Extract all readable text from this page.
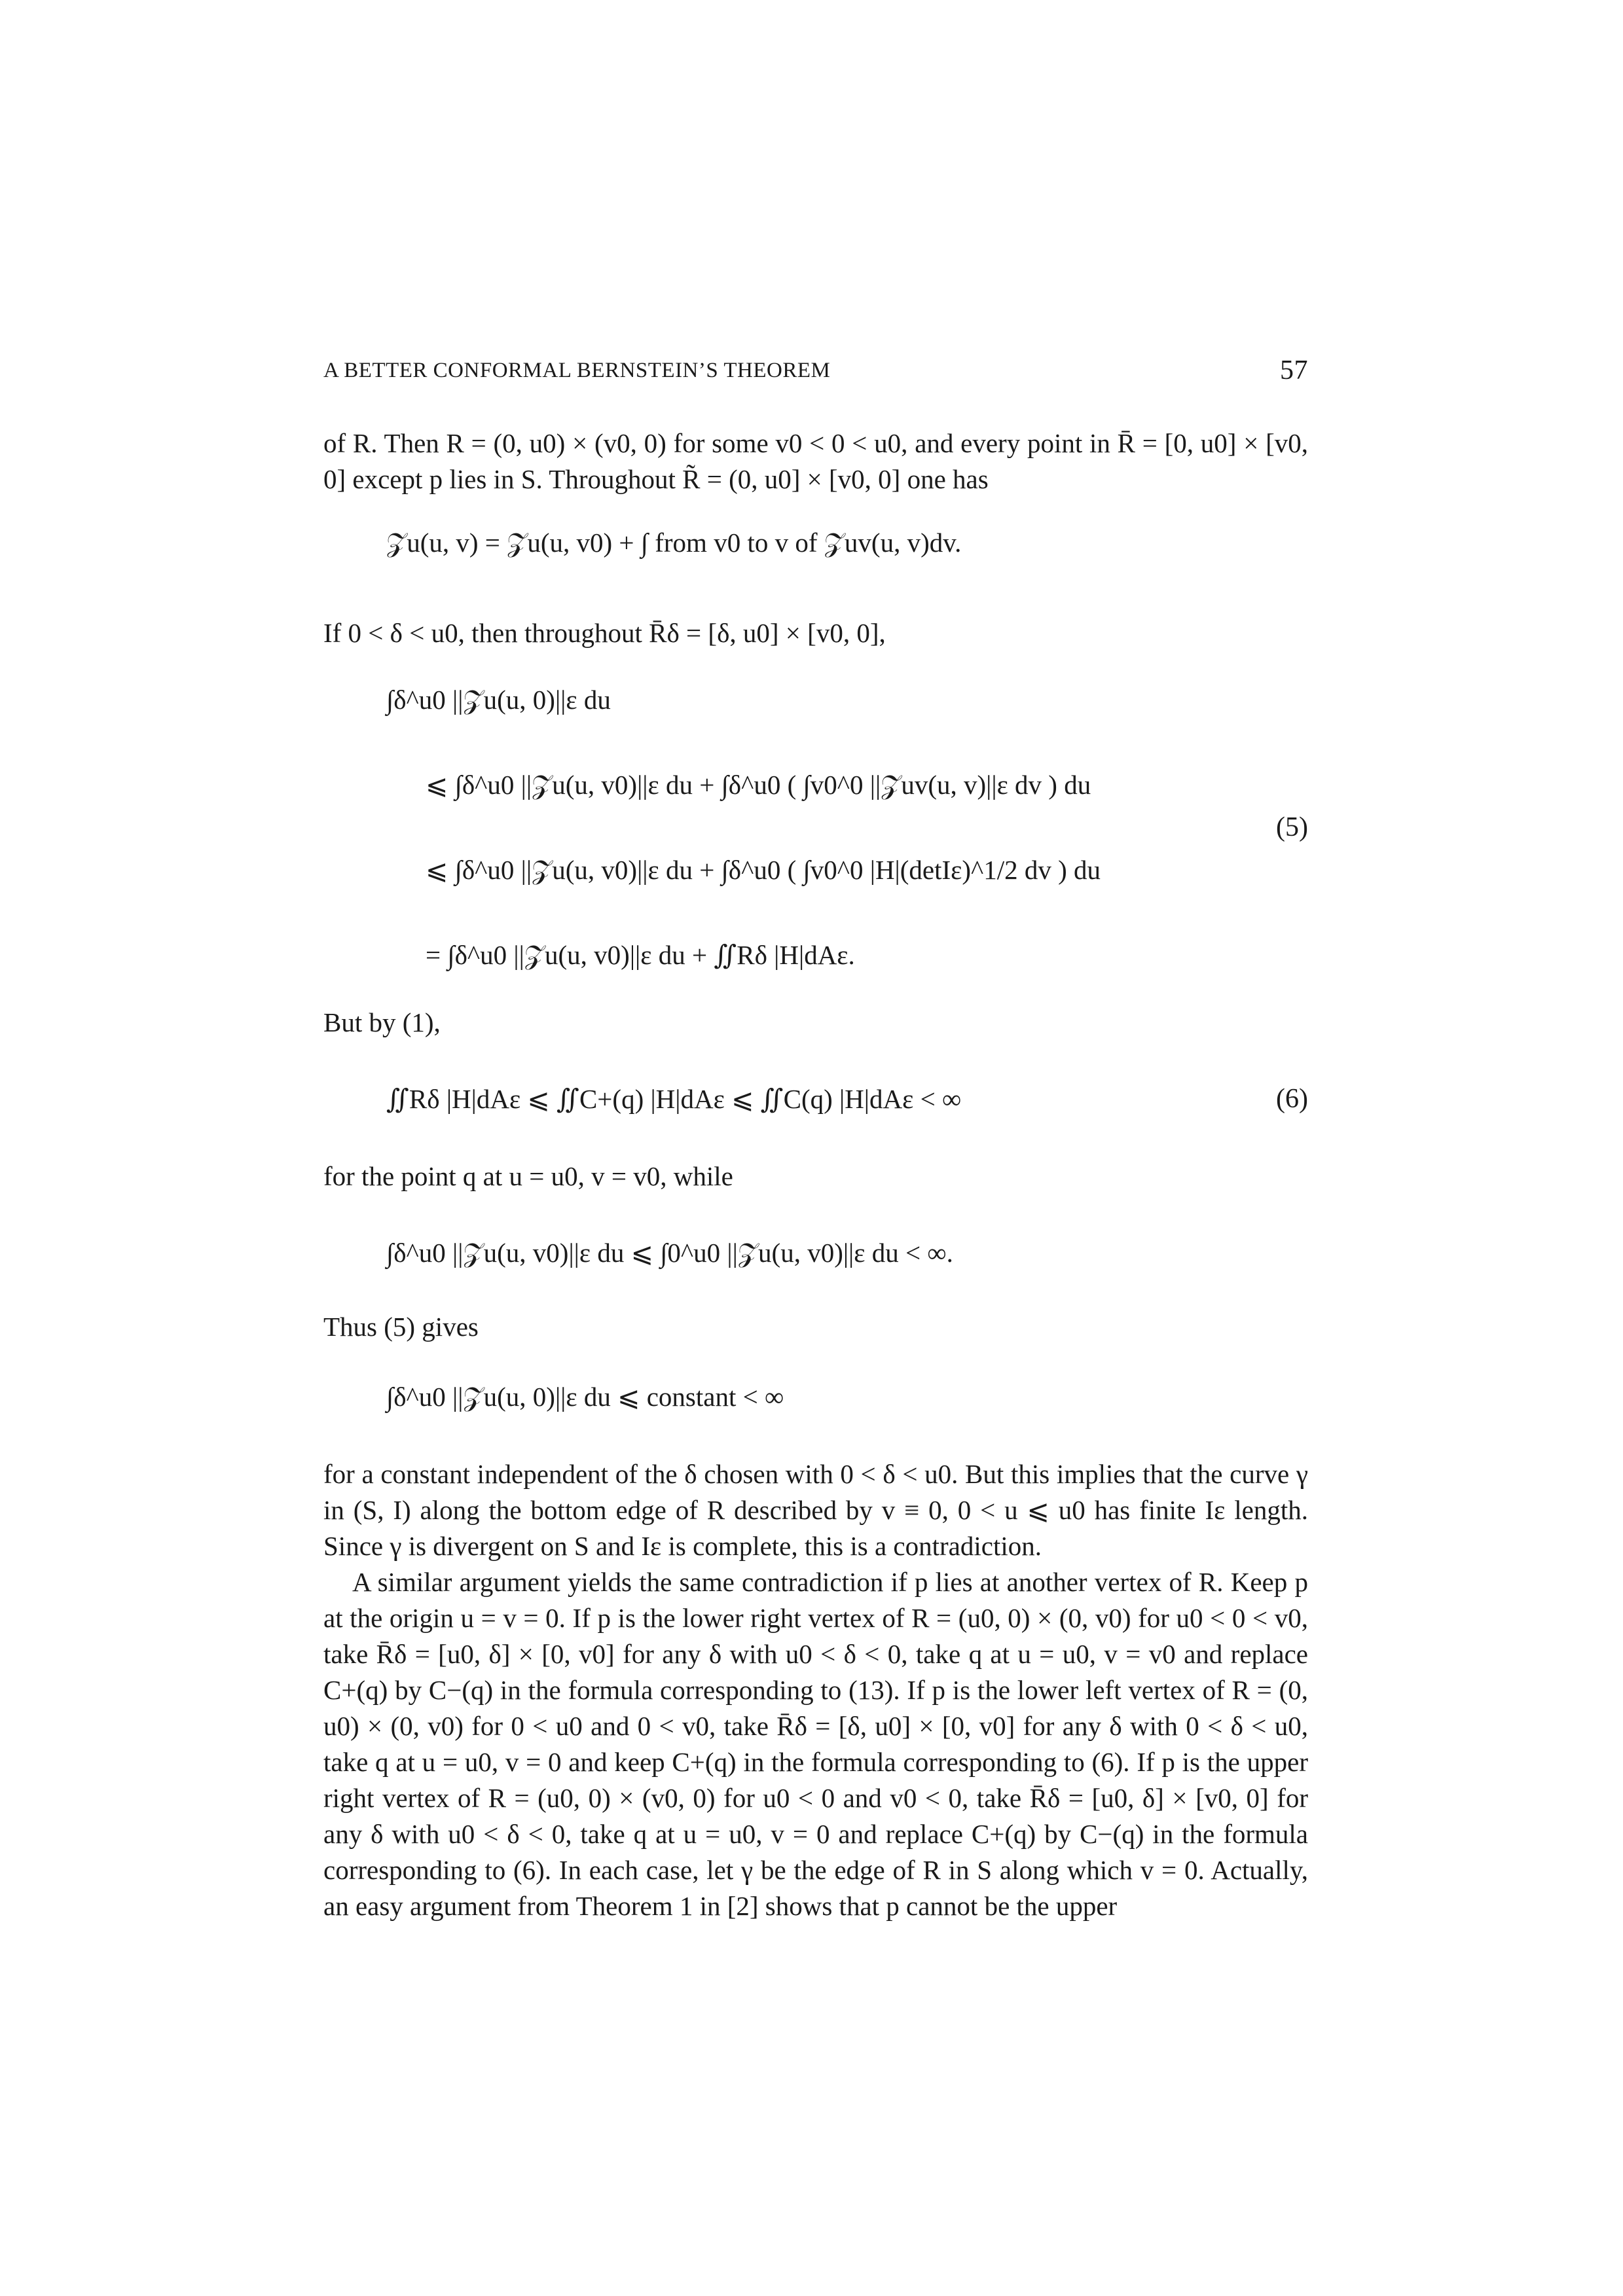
A BETTER CONFORMAL BERNSTEIN’S THEOREM	57

of R. Then R = (0, u0) × (v0, 0) for some v0 < 0 < u0, and every point in R̄ = [0, u0] × [v0, 0] except p lies in S. Throughout R̃ = (0, u0] × [v0, 0] one has

𝒵u(u, v) = 𝒵u(u, v0) + ∫ from v0 to v of 𝒵uv(u, v)dv.

If 0 < δ < u0, then throughout R̄δ = [δ, u0] × [v0, 0],

∫δ^u0 ||𝒵u(u, 0)||ε du
⩽ ∫δ^u0 ||𝒵u(u, v0)||ε du + ∫δ^u0 ( ∫v0^0 ||𝒵uv(u, v)||ε dv ) du
⩽ ∫δ^u0 ||𝒵u(u, v0)||ε du + ∫δ^u0 ( ∫v0^0 |H|(detIε)^1/2 dv ) du
= ∫δ^u0 ||𝒵u(u, v0)||ε du + ∬Rδ |H|dAε.
(5)

But by (1),

∬Rδ |H|dAε ⩽ ∬C+(q) |H|dAε ⩽ ∬C(q) |H|dAε < ∞	(6)

for the point q at u = u0, v = v0, while

∫δ^u0 ||𝒵u(u, v0)||ε du ⩽ ∫0^u0 ||𝒵u(u, v0)||ε du < ∞.

Thus (5) gives

∫δ^u0 ||𝒵u(u, 0)||ε du ⩽ constant < ∞

for a constant independent of the δ chosen with 0 < δ < u0. But this implies that the curve γ in (S, I) along the bottom edge of R described by v ≡ 0, 0 < u ⩽ u0 has finite Iε length. Since γ is divergent on S and Iε is complete, this is a contradiction.

A similar argument yields the same contradiction if p lies at another vertex of R. Keep p at the origin u = v = 0. If p is the lower right vertex of R = (u0, 0) × (0, v0) for u0 < 0 < v0, take R̄δ = [u0, δ] × [0, v0] for any δ with u0 < δ < 0, take q at u = u0, v = v0 and replace C+(q) by C−(q) in the formula corresponding to (13). If p is the lower left vertex of R = (0, u0) × (0, v0) for 0 < u0 and 0 < v0, take R̄δ = [δ, u0] × [0, v0] for any δ with 0 < δ < u0, take q at u = u0, v = 0 and keep C+(q) in the formula corresponding to (6). If p is the upper right vertex of R = (u0, 0) × (v0, 0) for u0 < 0 and v0 < 0, take R̄δ = [u0, δ] × [v0, 0] for any δ with u0 < δ < 0, take q at u = u0, v = 0 and replace C+(q) by C−(q) in the formula corresponding to (6). In each case, let γ be the edge of R in S along which v = 0. Actually, an easy argument from Theorem 1 in [2] shows that p cannot be the upper
